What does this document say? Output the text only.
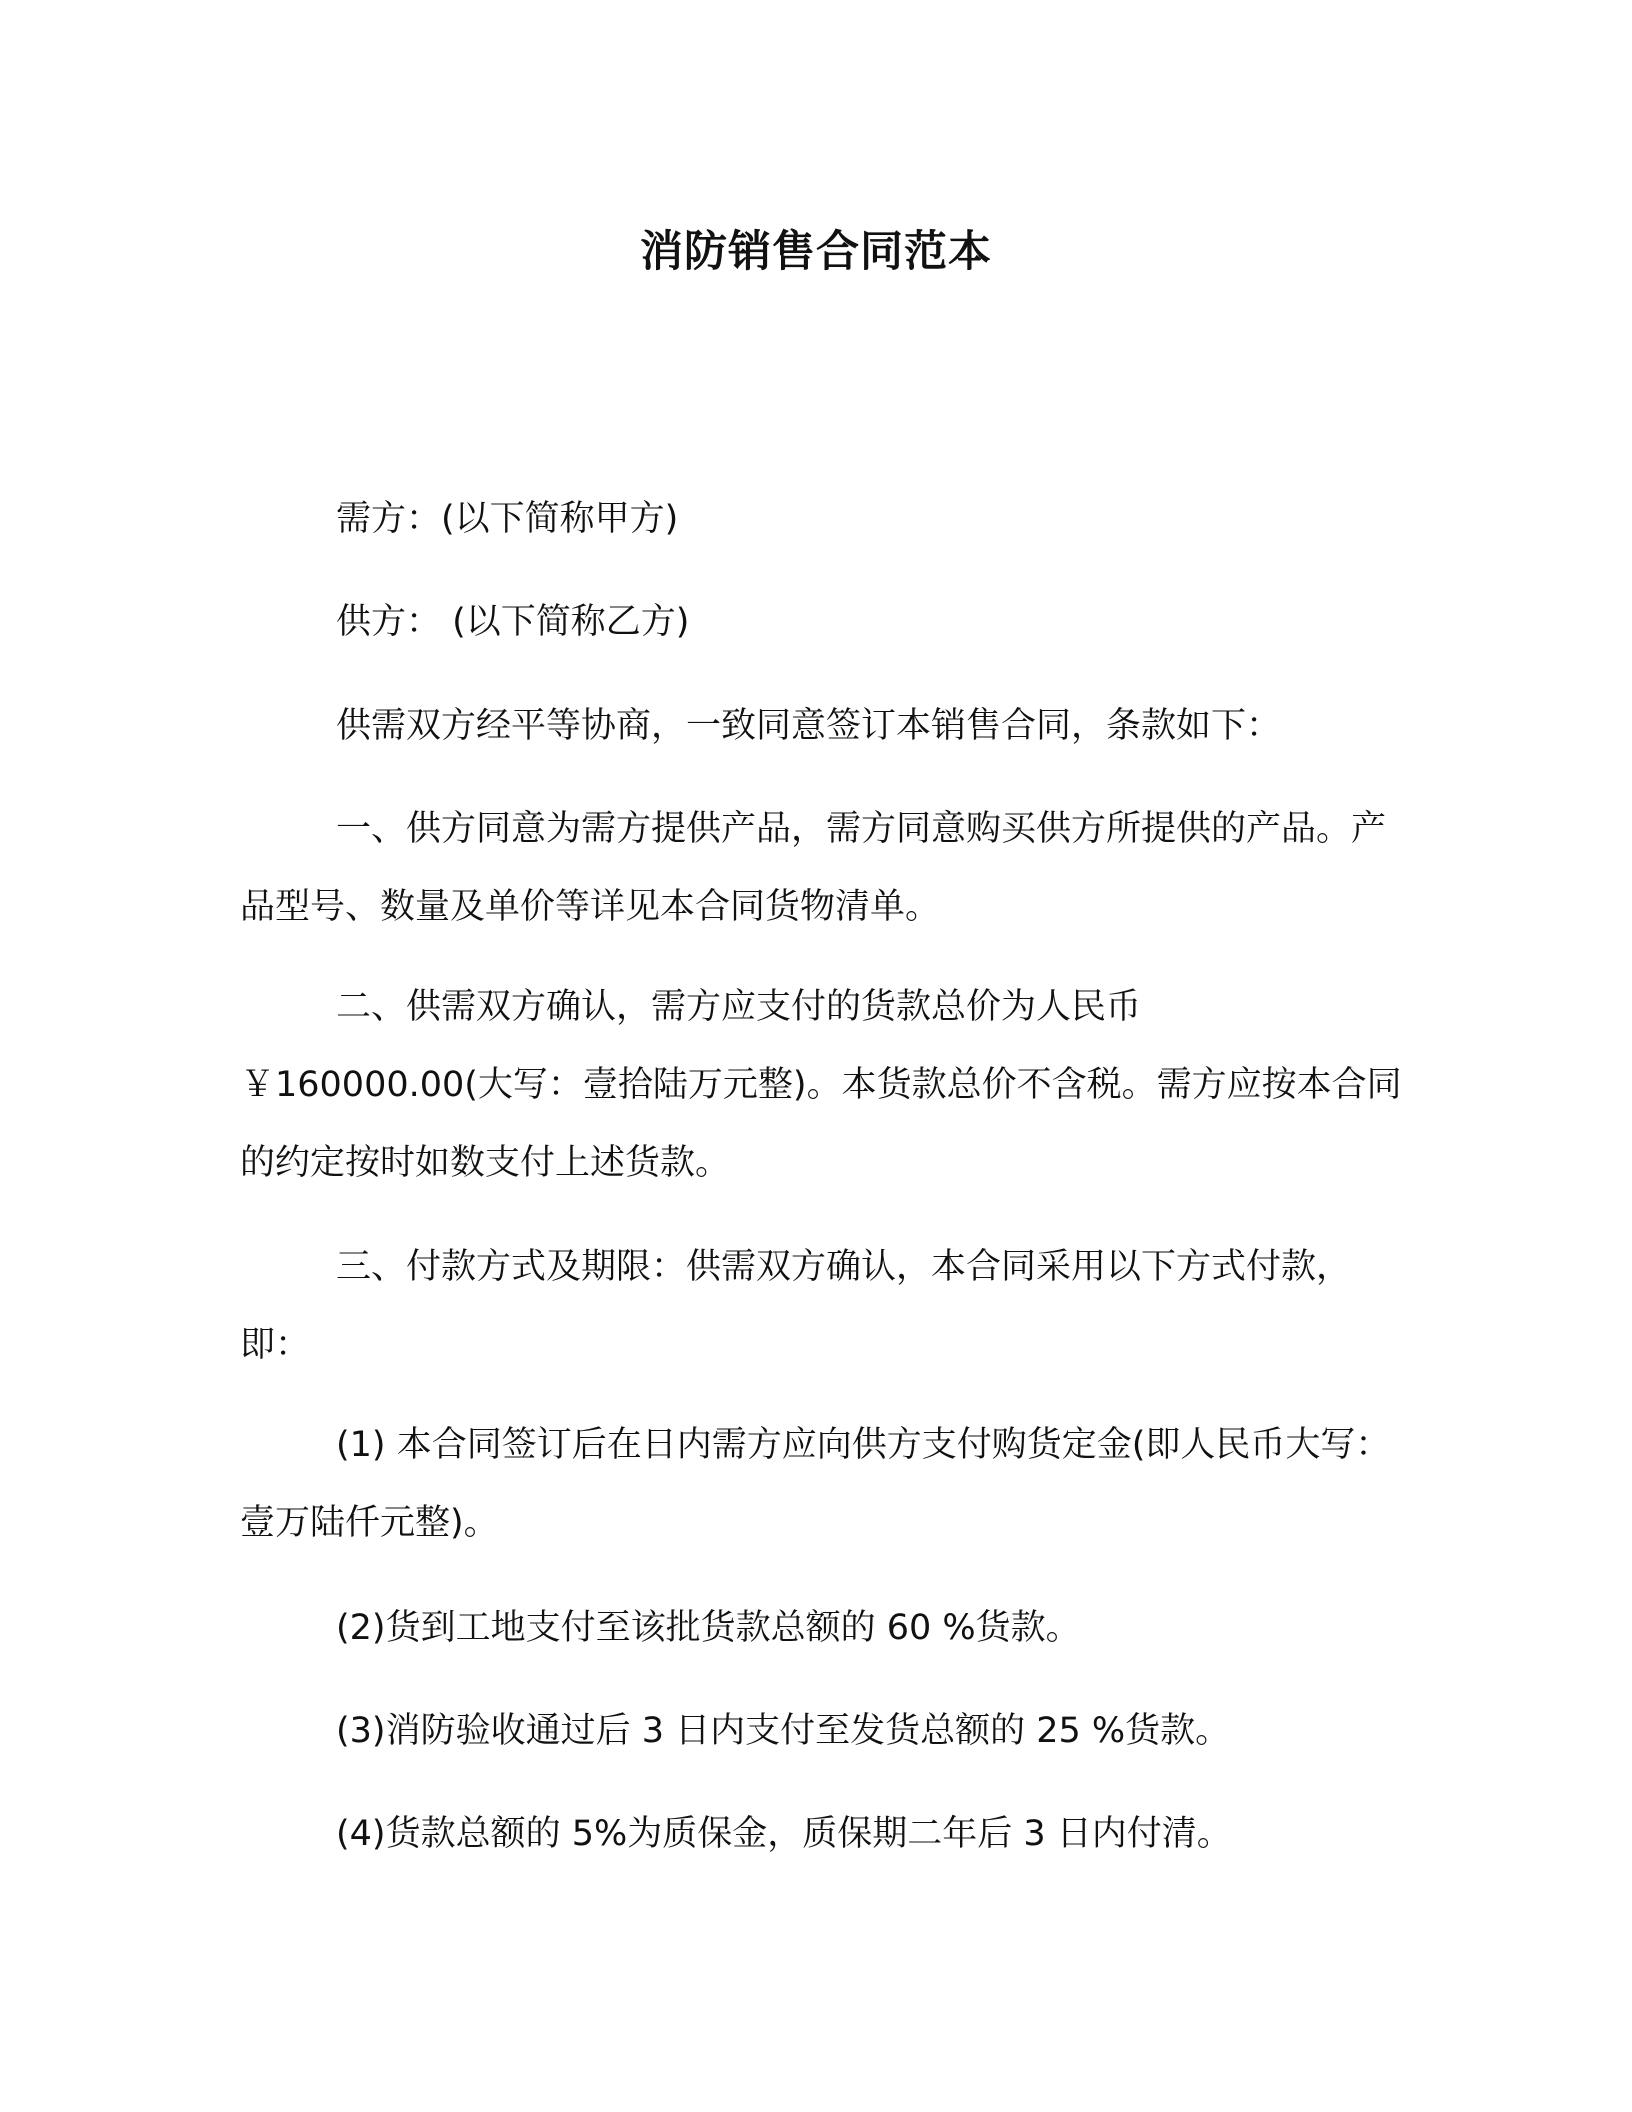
消防销售合同范本
需方：(以下简称甲方)
供方： (以下简称乙方)
供需双方经平等协商，一致同意签订本销售合同，条款如下：
一、供方同意为需方提供产品，需方同意购买供方所提供的产品。产品型号、数量及单价等详见本合同货物清单。
二、供需双方确认，需方应支付的货款总价为人民币￥160000.00(大写：壹拾陆万元整)。本货款总价不含税。需方应按本合同的约定按时如数支付上述货款。
三、付款方式及期限：供需双方确认，本合同采用以下方式付款，即：
(1) 本合同签订后在日内需方应向供方支付购货定金(即人民币大写：壹万陆仟元整)。
(2)货到工地支付至该批货款总额的 60 %货款。
(3)消防验收通过后 3 日内支付至发货总额的 25 %货款。
(4)货款总额的 5%为质保金，质保期二年后 3 日内付清。
